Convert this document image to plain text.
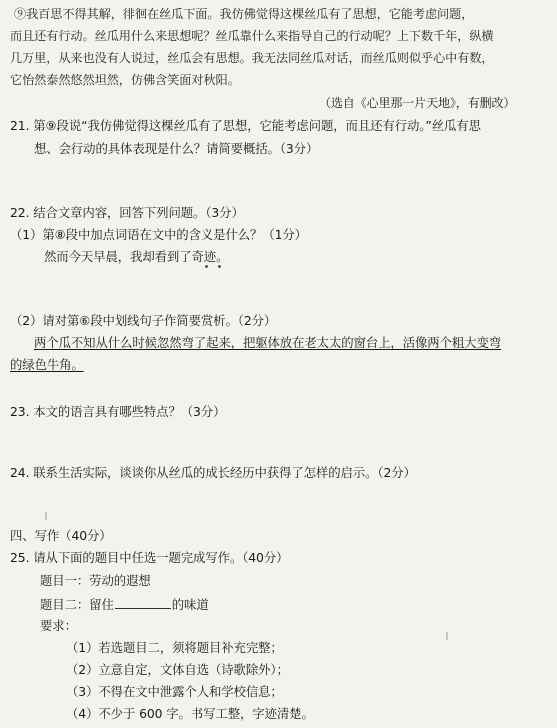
⑨我百思不得其解，徘徊在丝瓜下面。我仿佛觉得这棵丝瓜有了思想，它能考虑问题，
而且还有行动。丝瓜用什么来思想呢？丝瓜靠什么来指导自己的行动呢？上下数千年，纵横
几万里，从来也没有人说过，丝瓜会有思想。我无法同丝瓜对话，而丝瓜则似乎心中有数，
它怡然泰然悠然坦然，仿佛含笑面对秋阳。
（选自《心里那一片天地》，有删改）
21. 第⑨段说“我仿佛觉得这棵丝瓜有了思想，它能考虑问题，而且还有行动。”丝瓜有思
想、会行动的具体表现是什么？请简要概括。（3分）
22. 结合文章内容，回答下列问题。（3分）
（1）第⑧段中加点词语在文中的含义是什么？（1分）
然而今天早晨，我却看到了奇迹。
（2）请对第⑥段中划线句子作简要赏析。（2分）
两个瓜不知从什么时候忽然弯了起来，把躯体放在老太太的窗台上，活像两个粗大变弯
的绿色牛角。
23. 本文的语言具有哪些特点？（3分）
24. 联系生活实际，谈谈你从丝瓜的成长经历中获得了怎样的启示。（2分）
四、写作（40分）
25. 请从下面的题目中任选一题完成写作。（40分）
题目一：劳动的遐想
题目二：留住	的味道
要求：
（1）若选题目二，须将题目补充完整；
（2）立意自定，文体自选（诗歌除外）；
（3）不得在文中泄露个人和学校信息；
（4）不少于 600 字。书写工整，字迹清楚。
